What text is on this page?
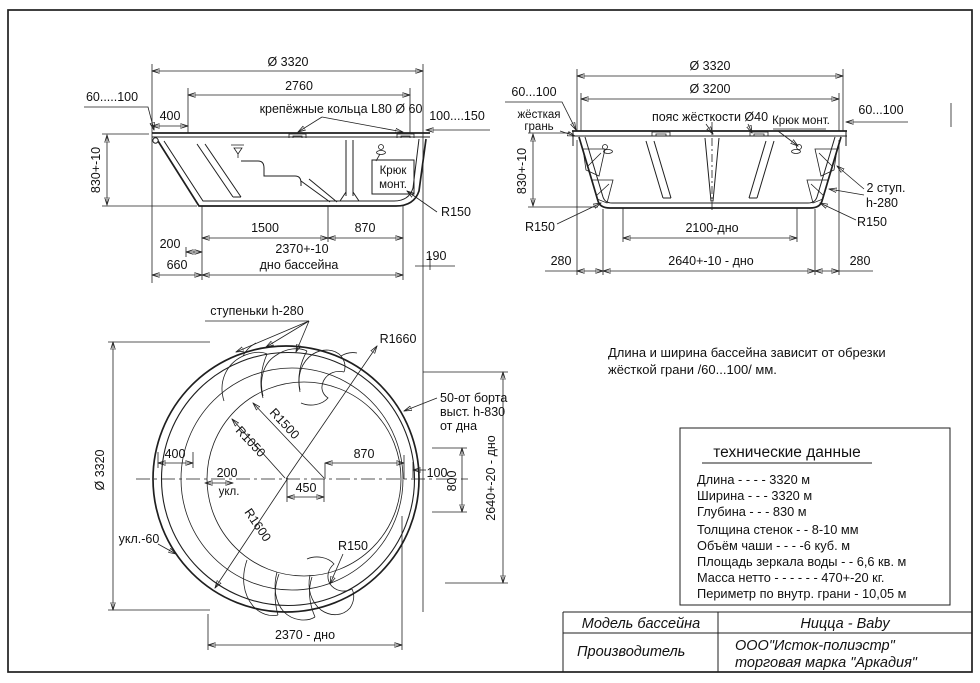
Ø 3320
2760
60.....100
400	крепёжные кольца L80 Ø 60 100....150
Крюк
монт.
830+-10
R150
1500	870
200	2370+-10
дно бассейна
660
190
Ø 3320
Ø 3200
60...100
жёсткая
грань
пояс жёсткости Ø40 Крюк монт.
60...100
830+-10	2 ступ.
h-280
R150	R150
2100-дно
280	2640+-10 - дно	280
R1660
R1050
R1500
R1600
ступеньки h-280
50-от борта
выст. h-830
от дна
400
200
укл.	450
870
100
800
Ø 3320
укл.-60	R150
2640+-20 - дно
2370 - дно
Длина и ширина бассейна зависит от обрезки
жёсткой грани /60...100/ мм.
технические данные
Длина - - - - 3320 м
Ширина - - - 3320 м
Глубина - - - 830 м
Толщина стенок - - 8-10 мм
Объём чаши - - - -6 куб. м
Площадь зеркала воды - - 6,6 кв. м
Масса нетто - - - - - - 470+-20 кг.
Периметр по внутр. грани - 10,05 м
Модель бассейна	Ницца - Baby
Производитель	ООО"Исток-полиэстр"
торговая марка "Аркадия"
